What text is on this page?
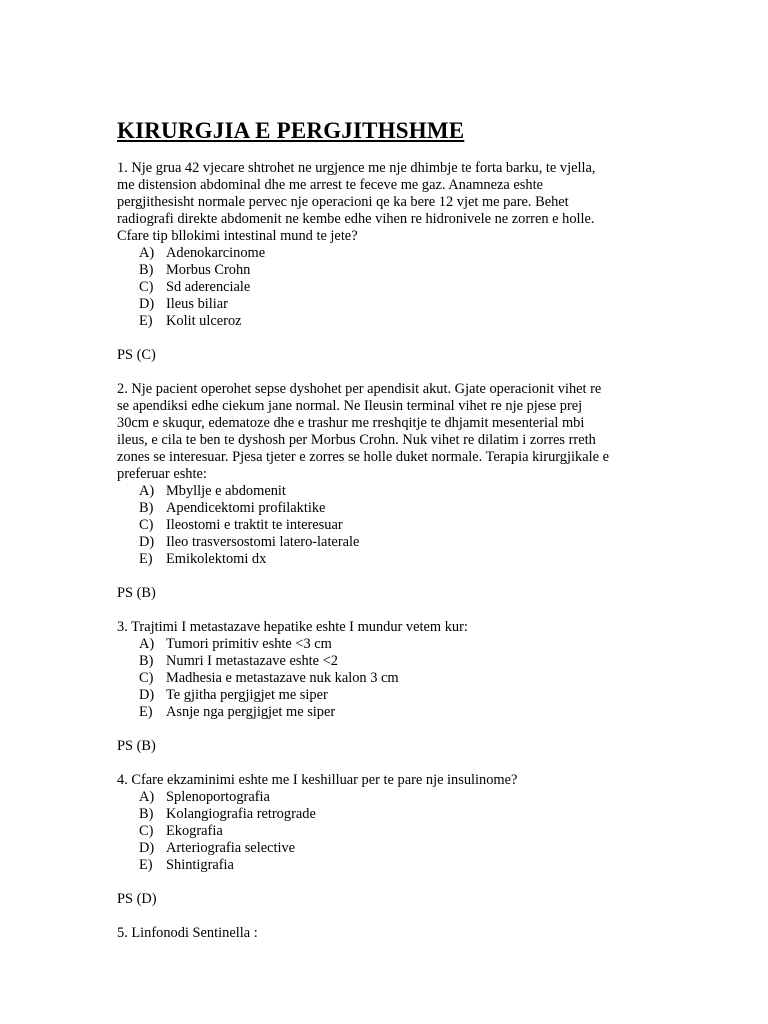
KIRURGJIA E PERGJITHSHME
1. Nje grua 42 vjecare shtrohet ne urgjence me nje dhimbje te forta barku, te vjella,
me distension abdominal dhe me arrest te feceve me gaz. Anamneza eshte
pergjithesisht normale pervec nje operacioni qe ka bere 12 vjet me pare. Behet
radiografi direkte abdomenit ne kembe edhe vihen re hidronivele ne zorren e holle.
Cfare tip bllokimi intestinal mund te jete?
A) Adenokarcinome
B) Morbus Crohn
C) Sd aderenciale
D) Ileus biliar
E) Kolit ulceroz
PS (C)
2. Nje pacient operohet sepse dyshohet per apendisit akut. Gjate operacionit vihet re
se apendiksi edhe ciekum jane normal. Ne Ileusin terminal vihet re nje pjese prej
30cm e skuqur, edematoze dhe e trashur me rreshqitje te dhjamit mesenterial mbi
ileus, e cila te ben te dyshosh per Morbus Crohn. Nuk vihet re dilatim i zorres rreth
zones se interesuar. Pjesa tjeter e zorres se holle duket normale. Terapia kirurgjikale e
preferuar eshte:
A) Mbyllje e abdomenit
B) Apendicektomi profilaktike
C) Ileostomi e traktit te interesuar
D) Ileo trasversostomi latero-laterale
E) Emikolektomi dx
PS (B)
3. Trajtimi I metastazave hepatike eshte I mundur vetem kur:
A) Tumori primitiv eshte <3 cm
B) Numri I metastazave eshte <2
C) Madhesia e metastazave nuk kalon 3 cm
D) Te gjitha pergjigjet me siper
E) Asnje nga pergjigjet me siper
PS (B)
4. Cfare ekzaminimi eshte me I keshilluar per te pare nje insulinome?
A) Splenoportografia
B) Kolangiografia retrograde
C) Ekografia
D) Arteriografia selective
E) Shintigrafia
PS (D)
5. Linfonodi Sentinella :
